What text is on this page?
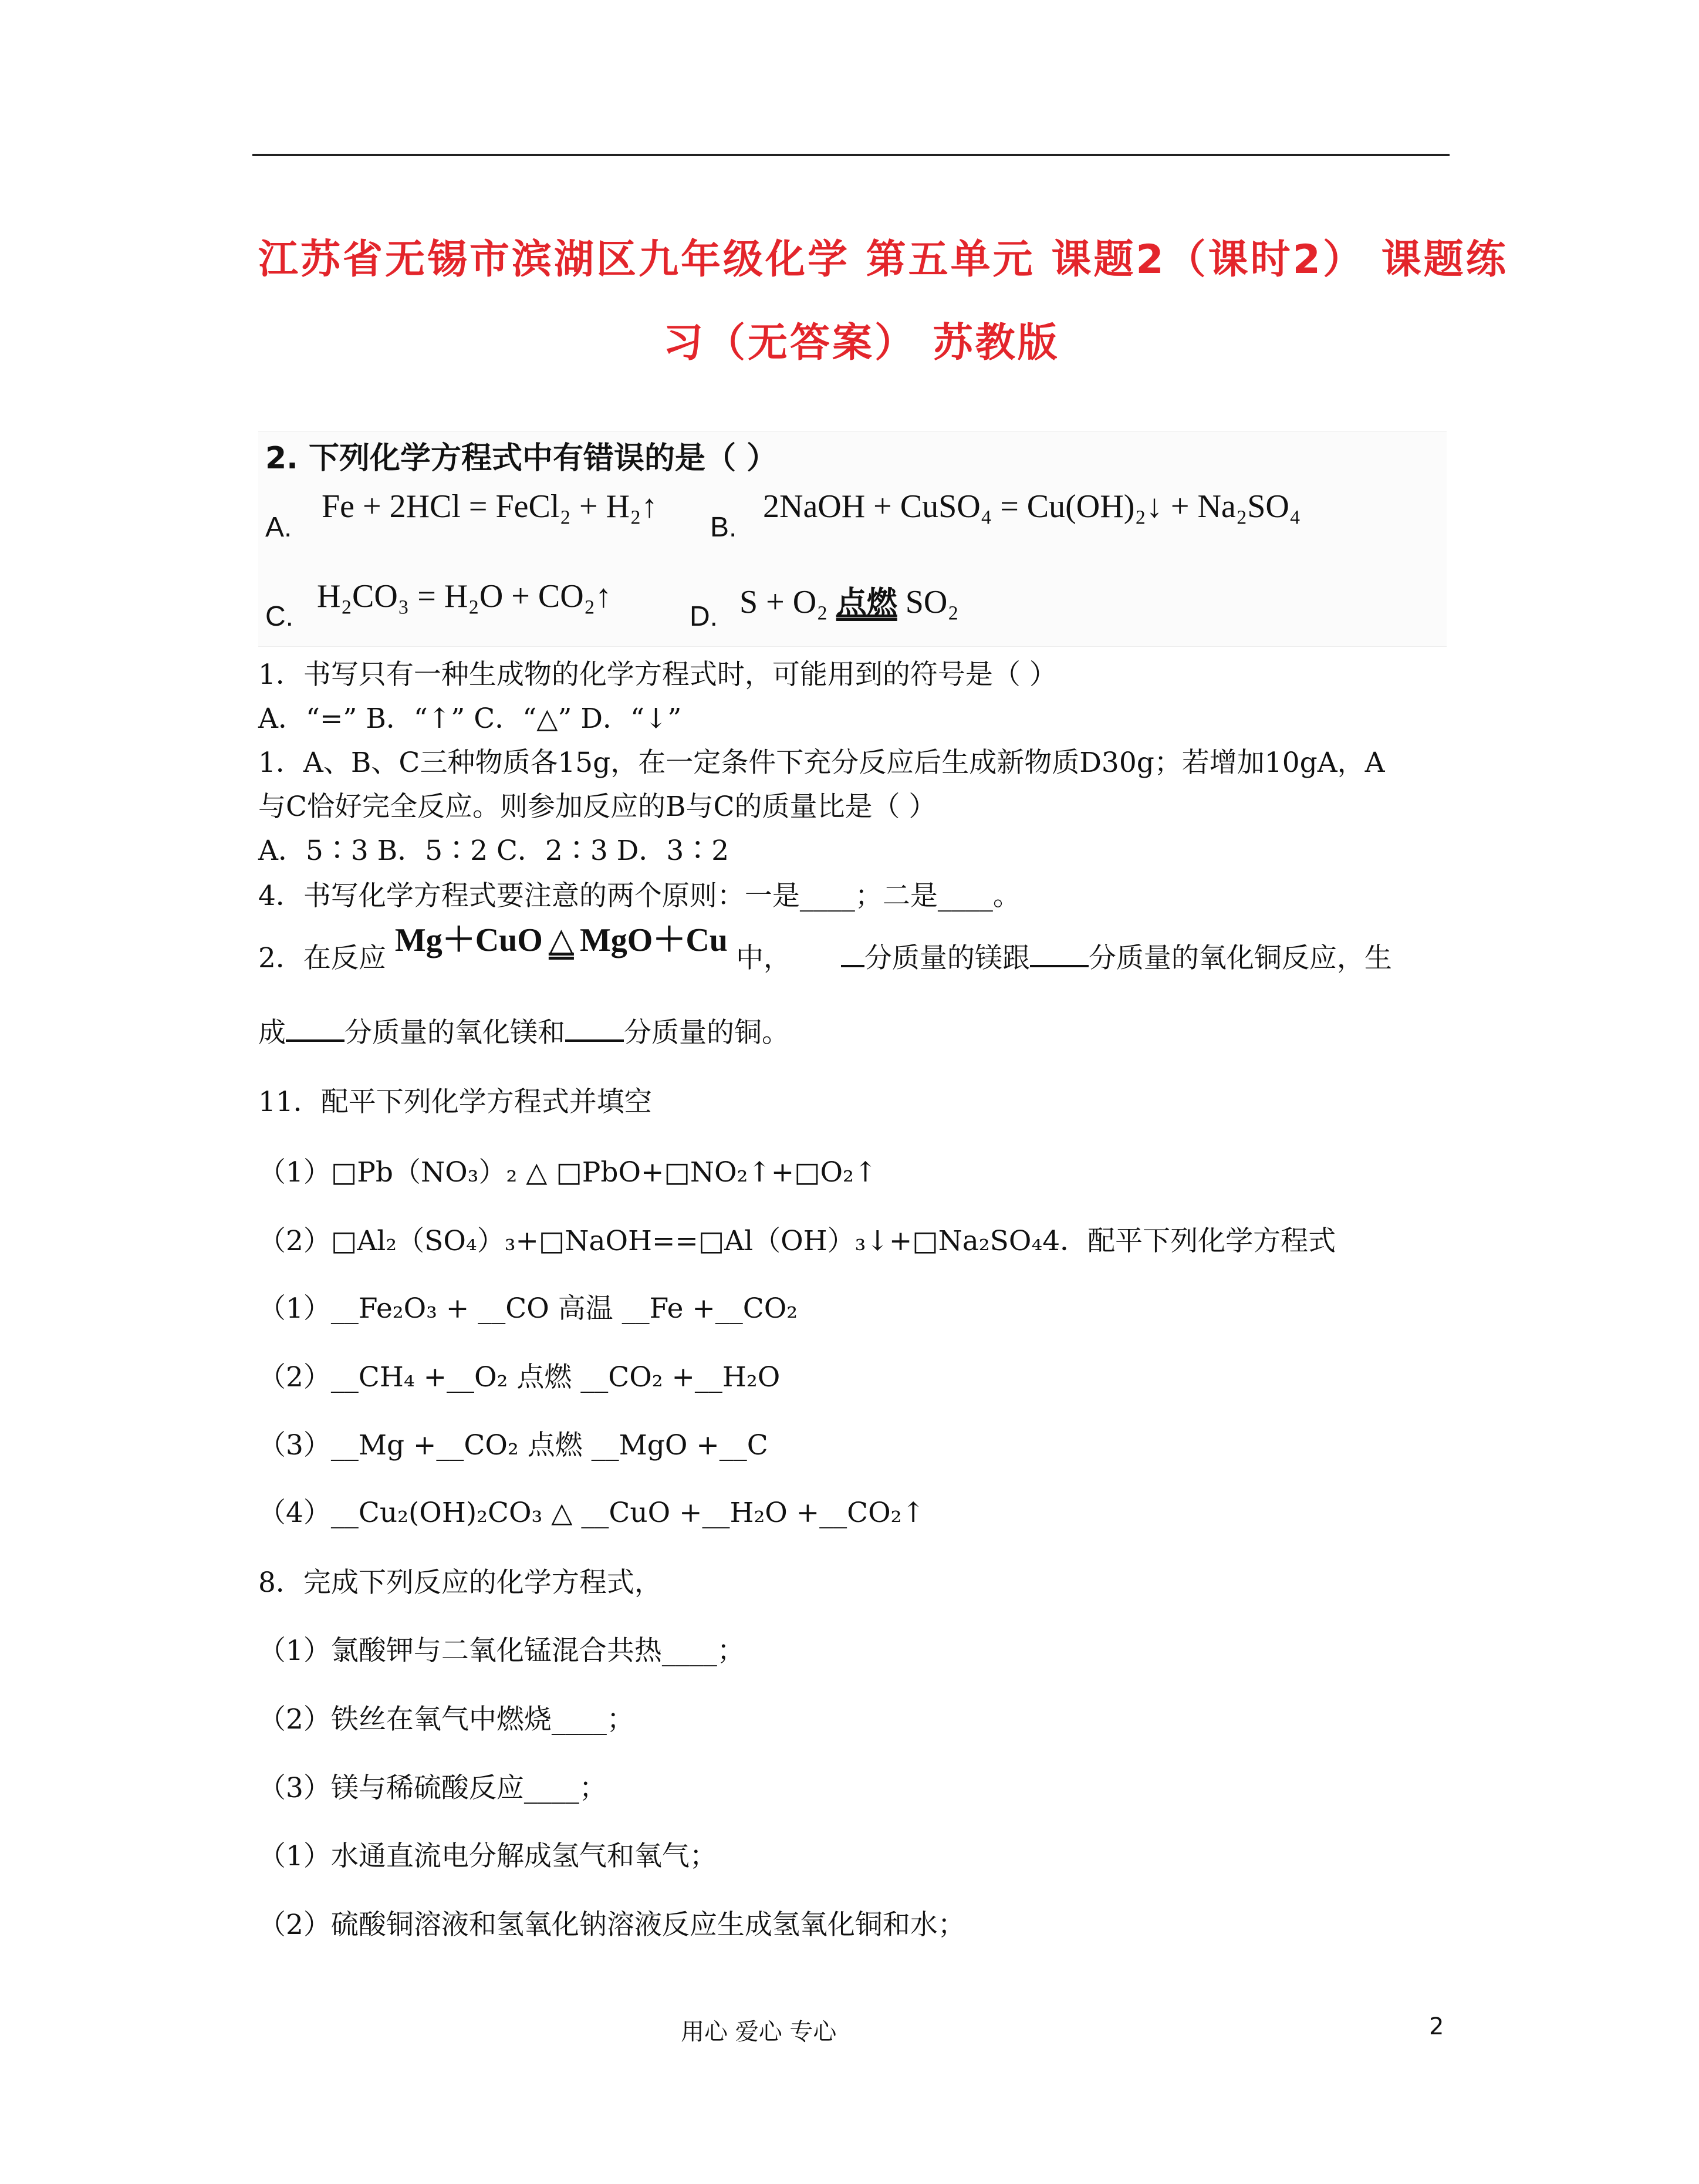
江苏省无锡市滨湖区九年级化学 第五单元 课题2（课时2） 课题练
习（无答案） 苏教版
2. 下列化学方程式中有错误的是（ ）
A.
Fe + 2HCl = FeCl₂ + H₂↑
B.
2NaOH + CuSO₄ = Cu(OH)₂↓ + Na₂SO₄
C.
H₂CO₃ = H₂O + CO₂↑
D. S + O₂ 点燃 SO₂
1．书写只有一种生成物的化学方程式时，可能用到的符号是（ ）
A．“=” B．“↑” C．“△” D．“↓”
1．A、B、C三种物质各15g，在一定条件下充分反应后生成新物质D30g；若增加10gA，A
与C恰好完全反应。则参加反应的B与C的质量比是（ ）
A．5∶3 B．5∶2 C．2∶3 D．3∶2
4．书写化学方程式要注意的两个原则：一是____；二是____。
2．在反应 Mg＋CuO △ MgO＋Cu 中，	分质量的镁跟 分质量的氧化铜反应，生
成 分质量的氧化镁和 分质量的铜。
11．配平下列化学方程式并填空
（1）□Pb（NO₃）₂ △ □PbO+□NO₂↑+□O₂↑
（2）□Al₂（SO₄）₃+□NaOH==□Al（OH）₃↓+□Na₂SO₄4．配平下列化学方程式
（1）__Fe₂O₃ + __CO 高温 __Fe +__CO₂
（2）__CH₄ +__O₂ 点燃 __CO₂ +__H₂O
（3）__Mg +__CO₂ 点燃 __MgO +__C
（4）__Cu₂(OH)₂CO₃ △ __CuO +__H₂O +__CO₂↑
8．完成下列反应的化学方程式，
（1）氯酸钾与二氧化锰混合共热____；
（2）铁丝在氧气中燃烧____；
（3）镁与稀硫酸反应____；
（1）水通直流电分解成氢气和氧气；
（2）硫酸铜溶液和氢氧化钠溶液反应生成氢氧化铜和水；
用心 爱心 专心	2
